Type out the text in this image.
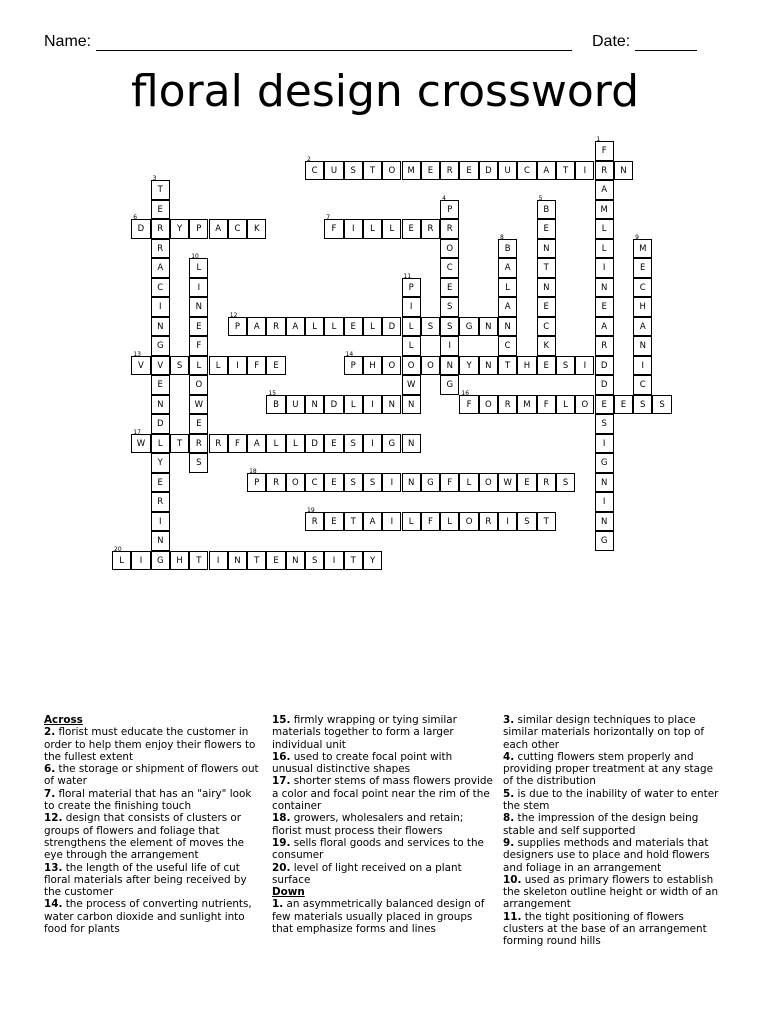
Name:	Date:
floral design crossword
F
1
R
A
M
L
L
I
N
E
A
R
D
D
E
S
I
G
N
I
N
G
C
2
U	S	T	O	M	E	R	E	D	U	C	A	T	I	N
T
3
E
R
R
A
C
I
N
G
V
E
N
D
L
Y
E
R
I
N
P
4
R
O
C
E
S
S
I
N
G
B
5
E
N
T
N
E
C
K
D
6
Y	P	A	C	K	F
7
I	L	L	E	R
B
8
A
L
A
N
C
M
9
E
C
H
A
N
I
C
S
L
10
I
N
E
F
L
O
W
E
R
S
P
11
I
L
L
O
W
N
P
12
A	R	A	L	L	E	L	D	S	G	N
V
13
S	L	I	F	E	P
14
H	O	O	Y	N	T	H	E	S	I
B
15
U	N	D	L	I	N	F
16
O	R	M	F	L	O	E	S
W
17
T	R	F	A	L	L	D	E	S	I	G	N
P
18
R	O	C	E	S	S	I	N	G	F	L	O	W	E	R	S
R
19
E	T	A	I	L	F	L	O	R	I	S	T
L
20
I	G	H	T	I	N	T	E	N	S	I	T	Y
Across
2. florist must educate the customer in order to help them enjoy their flowers to the fullest extent
6. the storage or shipment of flowers out of water
7. floral material that has an "airy" look to create the finishing touch
12. design that consists of clusters or groups of flowers and foliage that strengthens the element of moves the eye through the arrangement
13. the length of the useful life of cut floral materials after being received by the customer
14. the process of converting nutrients, water carbon dioxide and sunlight into food for plants
15. firmly wrapping or tying similar materials together to form a larger individual unit
16. used to create focal point with unusual distinctive shapes
17. shorter stems of mass flowers provide a color and focal point near the rim of the container
18. growers, wholesalers and retain; florist must process their flowers
19. sells floral goods and services to the consumer
20. level of light received on a plant surface
Down
1. an asymmetrically balanced design of few materials usually placed in groups that emphasize forms and lines
3. similar design techniques to place similar materials horizontally on top of each other
4. cutting flowers stem properly and providing proper treatment at any stage of the distribution
5. is due to the inability of water to enter the stem
8. the impression of the design being stable and self supported
9. supplies methods and materials that designers use to place and hold flowers and foliage in an arrangement
10. used as primary flowers to establish the skeleton outline height or width of an arrangement
11. the tight positioning of flowers clusters at the base of an arrangement forming round hills
